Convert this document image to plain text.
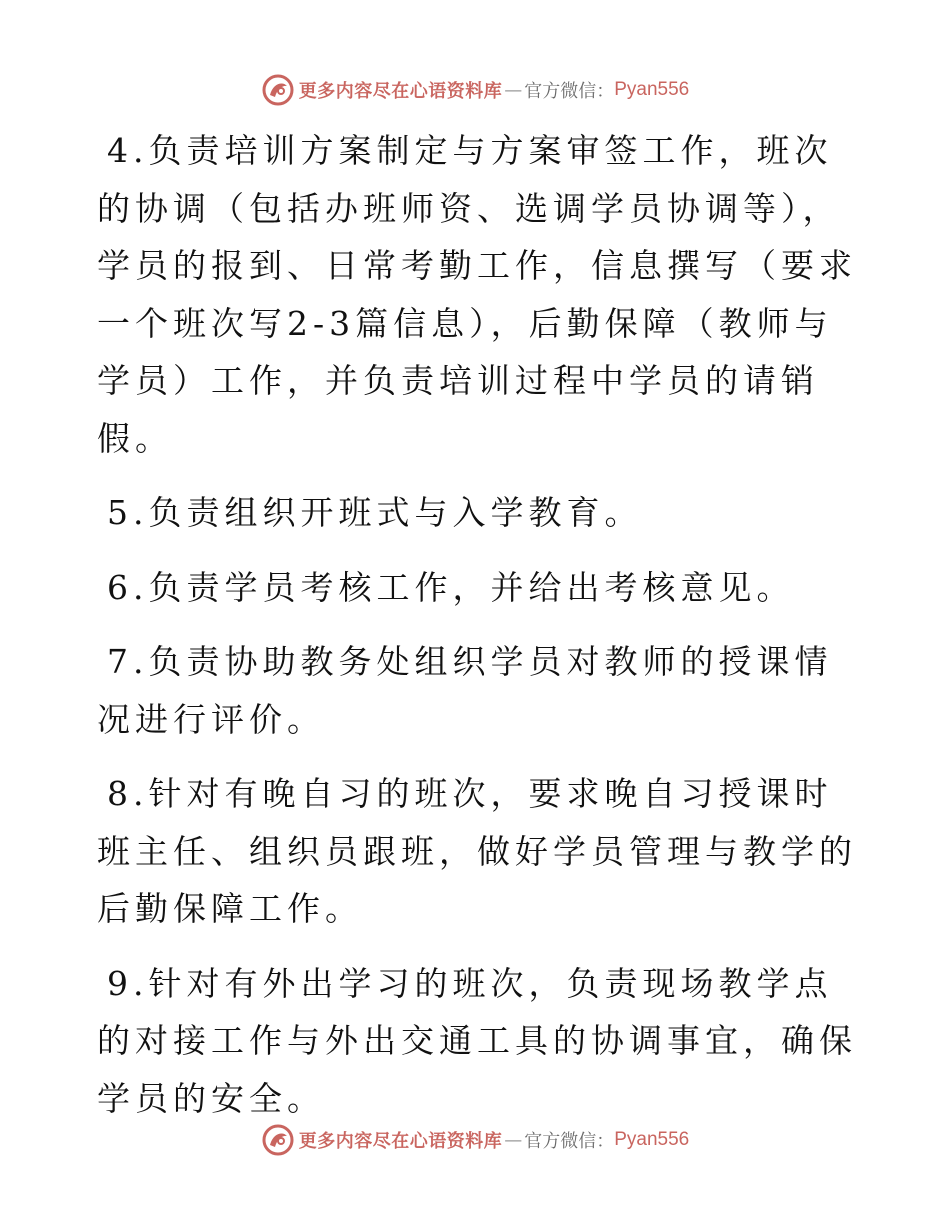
更多内容尽在心语资料库 — 官方微信： Pyan556

4.负责培训方案制定与方案审签工作，班次的协调（包括办班师资、选调学员协调等），学员的报到、日常考勤工作，信息撰写（要求一个班次写2-3篇信息），后勤保障（教师与学员）工作，并负责培训过程中学员的请销假。

5.负责组织开班式与入学教育。

6.负责学员考核工作，并给出考核意见。

7.负责协助教务处组织学员对教师的授课情况进行评价。

8.针对有晚自习的班次，要求晚自习授课时班主任、组织员跟班，做好学员管理与教学的后勤保障工作。

9.针对有外出学习的班次，负责现场教学点的对接工作与外出交通工具的协调事宜，确保学员的安全。

更多内容尽在心语资料库 — 官方微信： Pyan556
